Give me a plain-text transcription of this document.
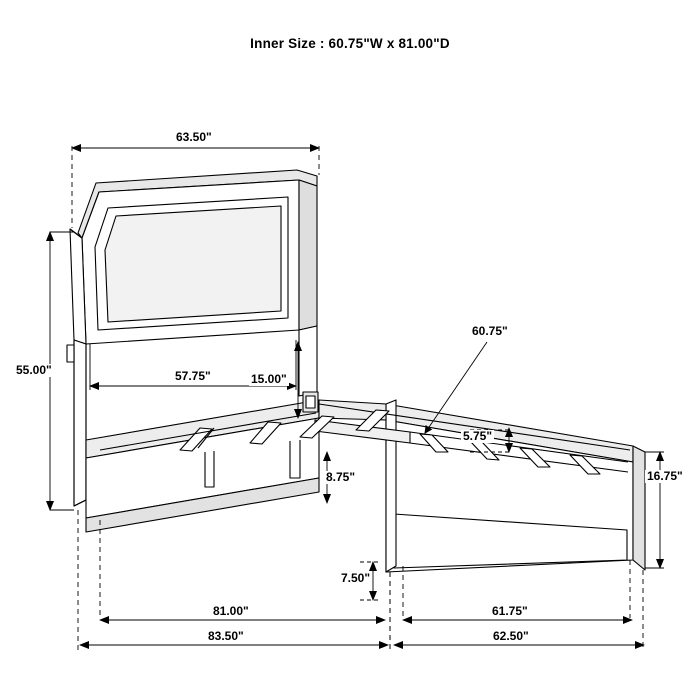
Inner Size : 60.75"W x 81.00"D
63.50"
55.00"	57.75"	15.00"
60.75"
5.75"
8.75"	16.75"
7.50"
81.00"	61.75"
83.50"	62.50"
